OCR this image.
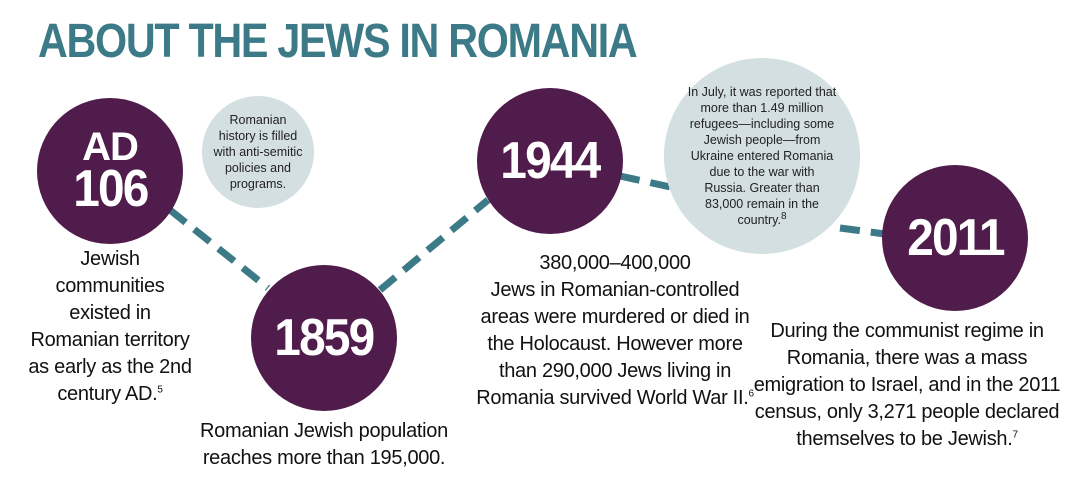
ABOUT THE JEWS IN ROMANIA
AD
106
1859
1944
2011
Romanian history is filled with anti-semitic policies and programs.
In July, it was reported that more than 1.49 million refugees—including some Jewish people—from Ukraine entered Romania due to the war with Russia. Greater than 83,000 remain in the country.$^8$
Jewish communities existed in Romanian territory as early as the 2nd century AD.$^5$
Romanian Jewish population reaches more than 195,000.
380,000–400,000
Jews in Romanian-controlled areas were murdered or died in the Holocaust. However more than 290,000 Jews living in Romania survived World War II.$^6$
During the communist regime in Romania, there was a mass emigration to Israel, and in the 2011 census, only 3,271 people declared themselves to be Jewish.$^7$
